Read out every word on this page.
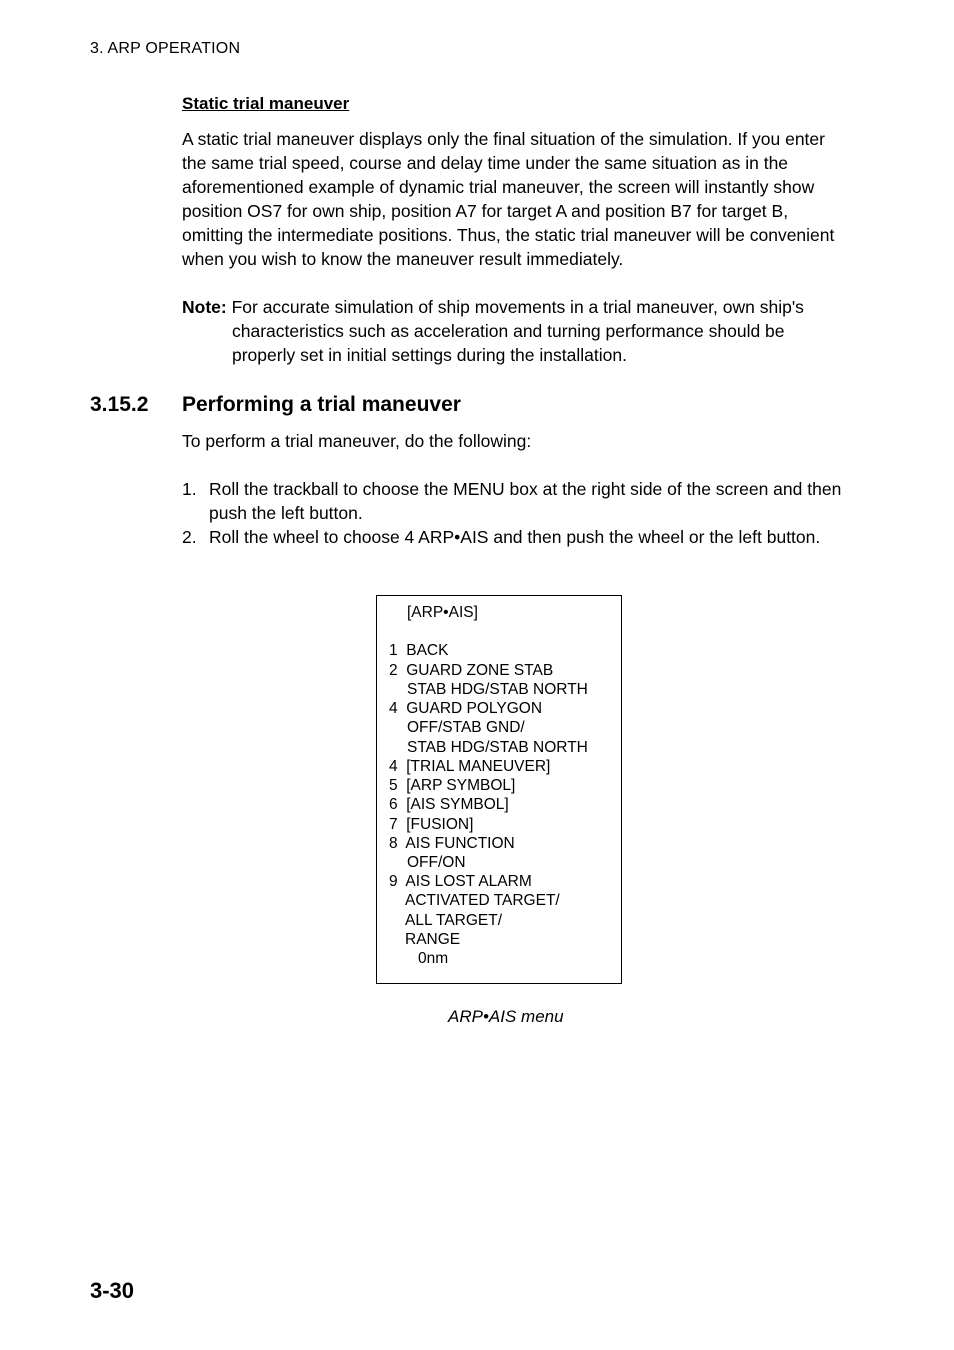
3. ARP OPERATION
Static trial maneuver
A static trial maneuver displays only the final situation of the simulation. If you enter the same trial speed, course and delay time under the same situation as in the aforementioned example of dynamic trial maneuver, the screen will instantly show position OS7 for own ship, position A7 for target A and position B7 for target B, omitting the intermediate positions. Thus, the static trial maneuver will be convenient when you wish to know the maneuver result immediately.
Note: For accurate simulation of ship movements in a trial maneuver, own ship's characteristics such as acceleration and turning performance should be properly set in initial settings during the installation.
3.15.2 Performing a trial maneuver
To perform a trial maneuver, do the following:
1. Roll the trackball to choose the MENU box at the right side of the screen and then push the left button.
2. Roll the wheel to choose 4 ARP•AIS and then push the wheel or the left button.
[ARP•AIS]
1  BACK
2  GUARD ZONE STAB
STAB HDG/STAB NORTH
4  GUARD POLYGON
OFF/STAB GND/
STAB HDG/STAB NORTH
4  [TRIAL MANEUVER]
5  [ARP SYMBOL]
6  [AIS SYMBOL]
7  [FUSION]
8  AIS FUNCTION
OFF/ON
9  AIS LOST ALARM
ACTIVATED TARGET/
ALL TARGET/
RANGE
0nm
ARP•AIS menu
3-30
